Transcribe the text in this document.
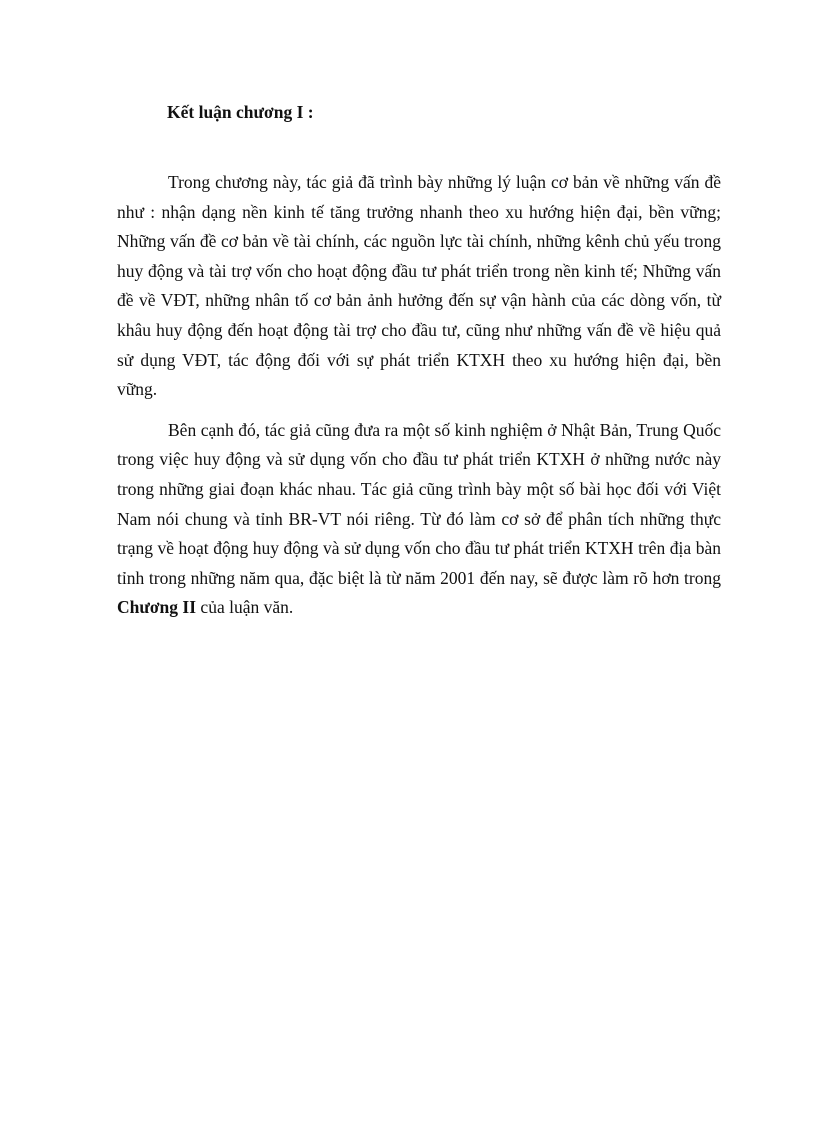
Kết luận chương I :

Trong chương này, tác giả đã trình bày những lý luận cơ bản về những vấn đề như : nhận dạng nền kinh tế tăng trưởng nhanh theo xu hướng hiện đại, bền vững; Những vấn đề cơ bản về tài chính, các nguồn lực tài chính, những kênh chủ yếu trong huy động và tài trợ vốn cho hoạt động đầu tư phát triển trong nền kinh tế; Những vấn đề về VĐT, những nhân tố cơ bản ảnh hưởng đến sự vận hành của các dòng vốn, từ khâu huy động đến hoạt động tài trợ cho đầu tư, cũng như những vấn đề về hiệu quả sử dụng VĐT, tác động đối với sự phát triển KTXH theo xu hướng hiện đại, bền vững.

Bên cạnh đó, tác giả cũng đưa ra một số kinh nghiệm ở Nhật Bản, Trung Quốc trong việc huy động và sử dụng vốn cho đầu tư phát triển KTXH ở những nước này trong những giai đoạn khác nhau. Tác giả cũng trình bày một số bài học đối với Việt Nam nói chung và tỉnh BR-VT nói riêng. Từ đó làm cơ sở để phân tích những thực trạng về hoạt động huy động và sử dụng vốn cho đầu tư phát triển KTXH trên địa bàn tỉnh trong những năm qua, đặc biệt là từ năm 2001 đến nay, sẽ được làm rõ hơn trong Chương II của luận văn.
